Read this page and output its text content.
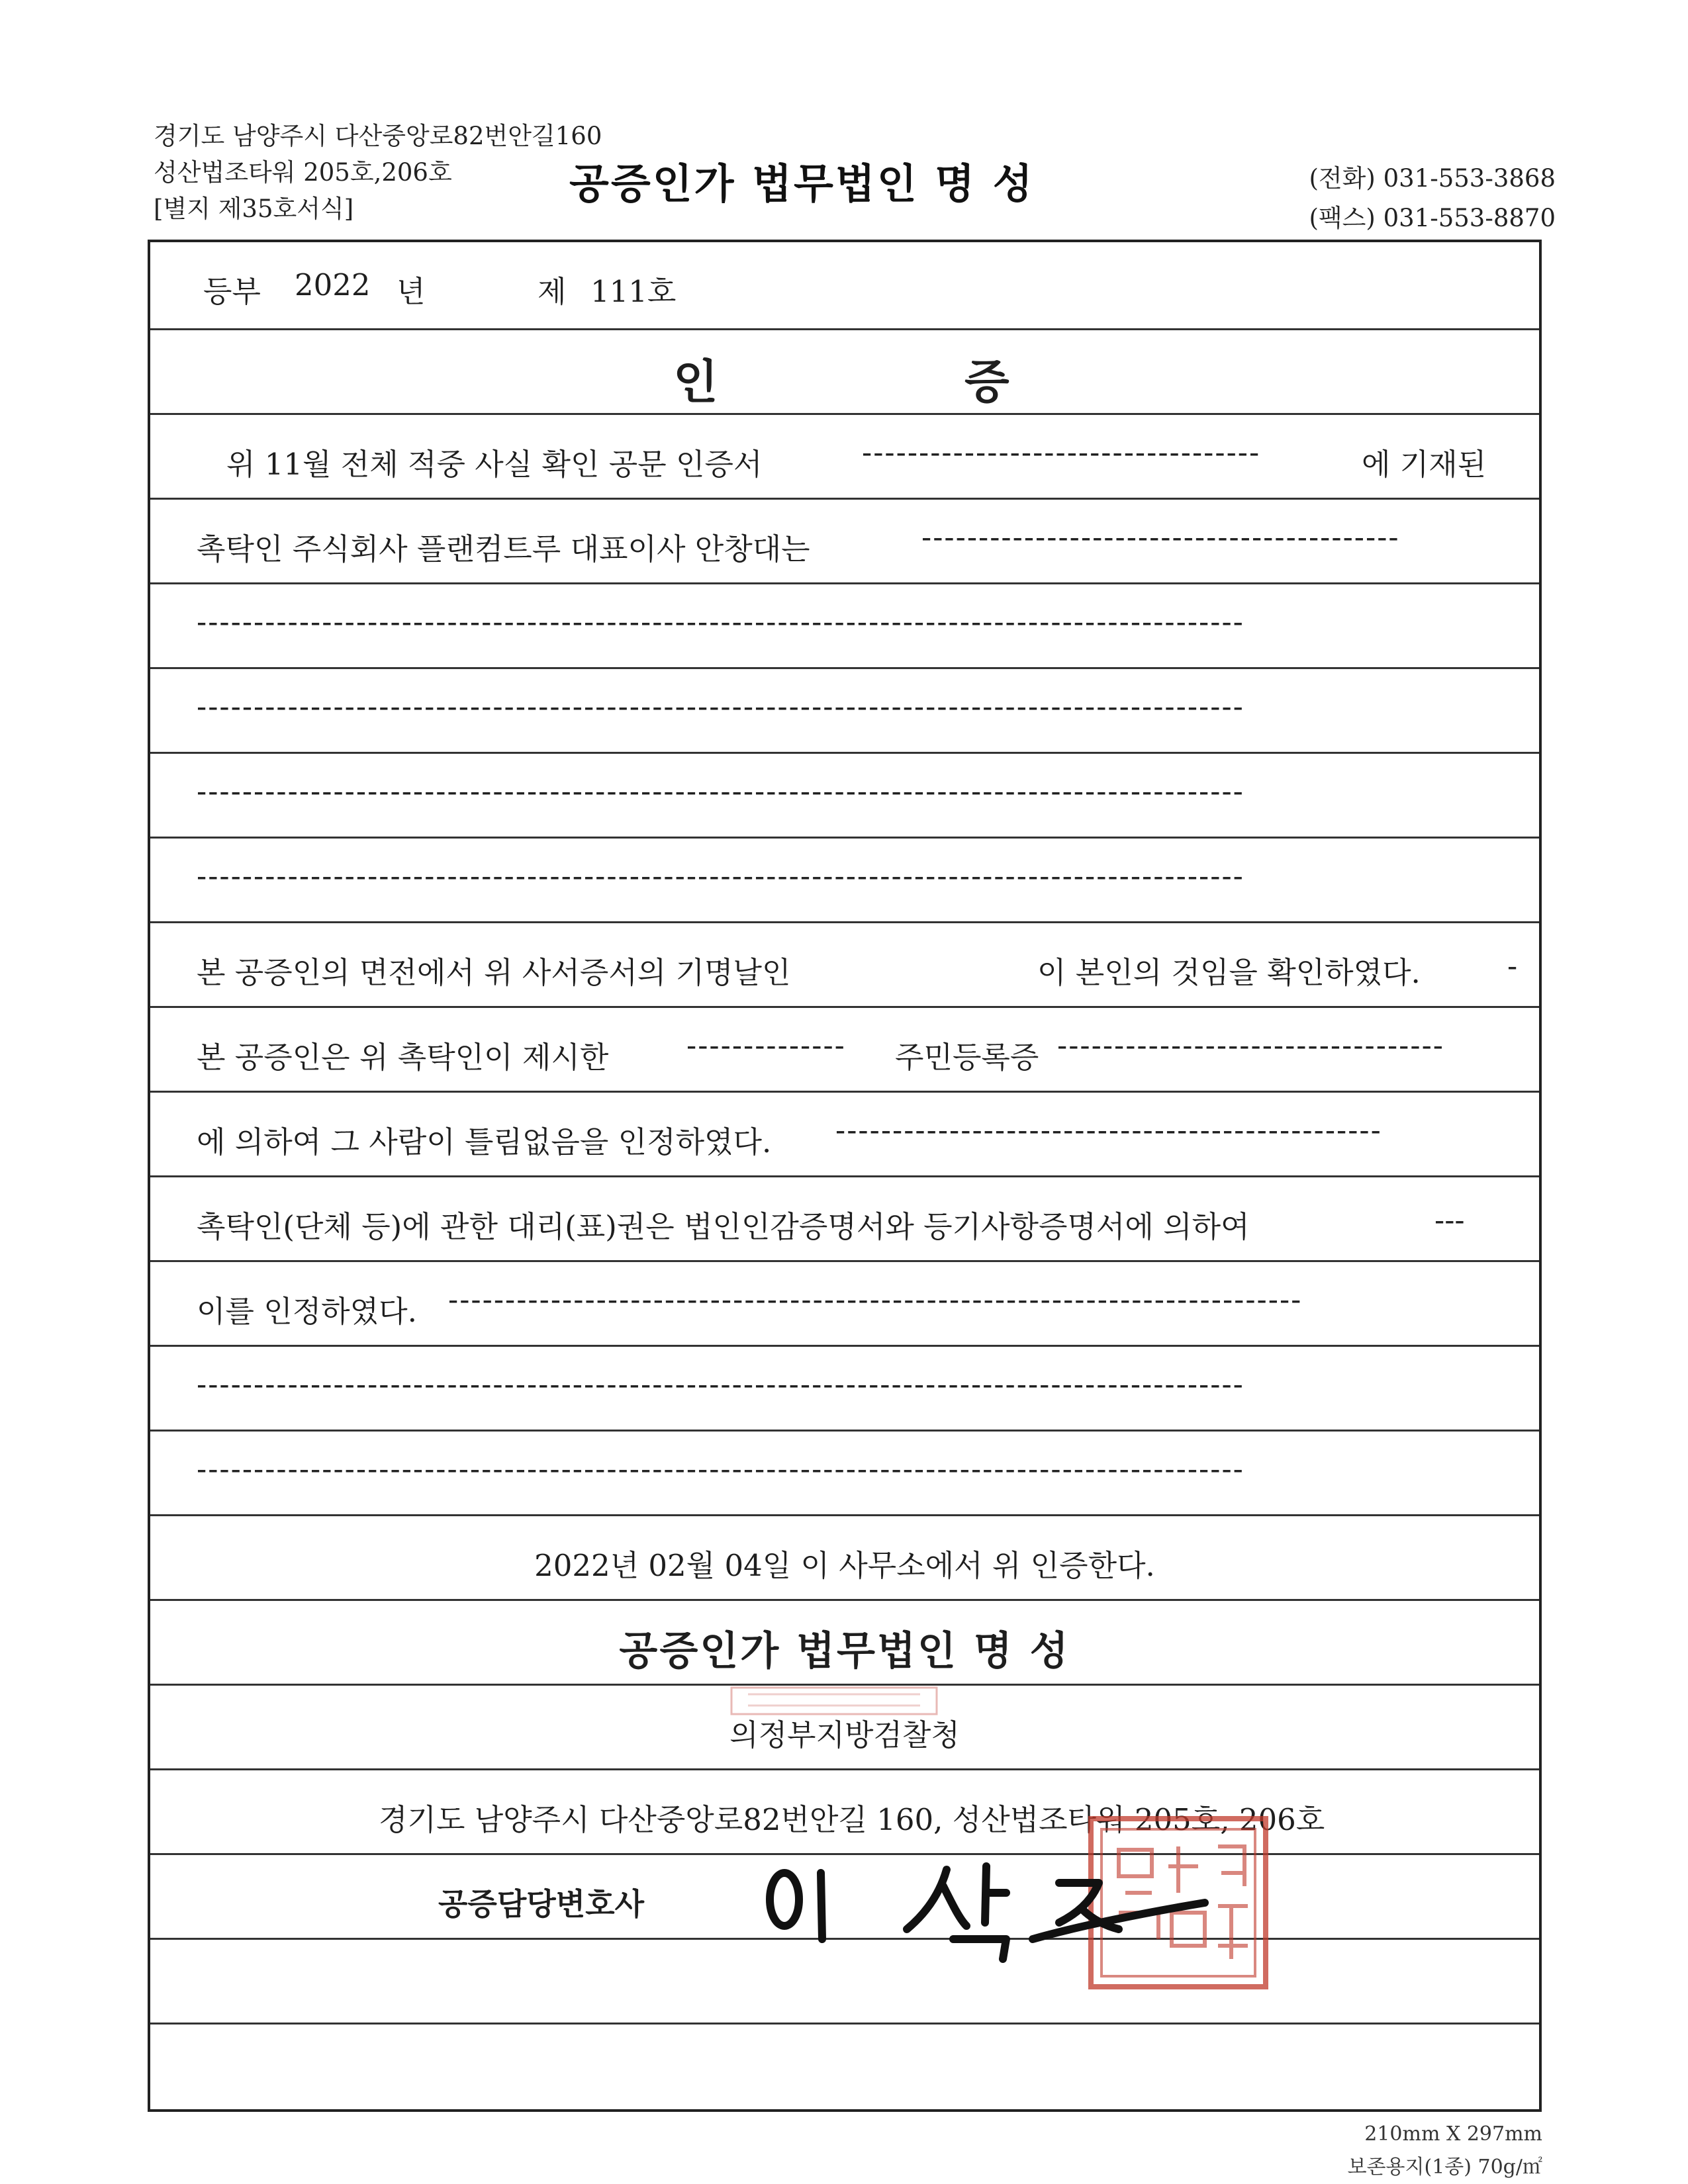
경기도 남양주시 다산중앙로82번안길160
성산법조타워 205호,206호
[별지 제35호서식]
공증인가 법무법인 명 성	(전화) 031-553-3868
(팩스) 031-553-8870
등부 2022 년	제 111호
인	증
위 11월 전체 적중 사실 확인 공문 인증서	-----------------------------------	에 기재된
촉탁인 주식회사 플랜컴트루 대표이사 안창대는	------------------------------------------
--------------------------------------------------------------------------------------------
--------------------------------------------------------------------------------------------
--------------------------------------------------------------------------------------------
--------------------------------------------------------------------------------------------
본 공증인의 면전에서 위 사서증서의 기명날인	이 본인의 것임을 확인하였다.	-
본 공증인은 위 촉탁인이 제시한	--------------	주민등록증 ----------------------------------
에 의하여 그 사람이 틀림없음을 인정하였다. ------------------------------------------------
촉탁인(단체 등)에 관한 대리(표)권은 법인인감증명서와 등기사항증명서에 의하여	---
이를 인정하였다. ---------------------------------------------------------------------------
--------------------------------------------------------------------------------------------
--------------------------------------------------------------------------------------------
2022년 02월 04일 이 사무소에서 위 인증한다.
공증인가 법무법인 명 성
의정부지방검찰청
경기도 남양주시 다산중앙로82번안길 160, 성산법조타워 205호, 206호
공증담당변호사
210mm X 297mm
보존용지(1종) 70g/㎡
